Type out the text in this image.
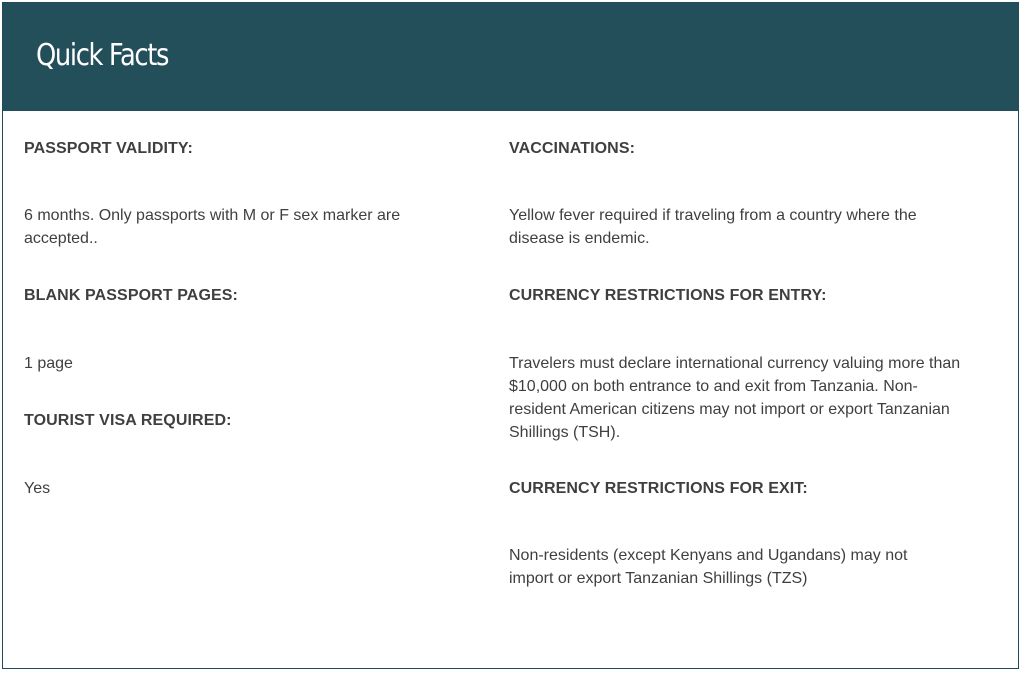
Quick Facts
PASSPORT VALIDITY:
6 months. Only passports with M or F sex marker are accepted..
BLANK PASSPORT PAGES:
1 page
TOURIST VISA REQUIRED:
Yes
VACCINATIONS:
Yellow fever required if traveling from a country where the disease is endemic.
CURRENCY RESTRICTIONS FOR ENTRY:
Travelers must declare international currency valuing more than $10,000 on both entrance to and exit from Tanzania. Non-resident American citizens may not import or export Tanzanian Shillings (TSH).
CURRENCY RESTRICTIONS FOR EXIT:
Non-residents (except Kenyans and Ugandans) may not import or export Tanzanian Shillings (TZS)
